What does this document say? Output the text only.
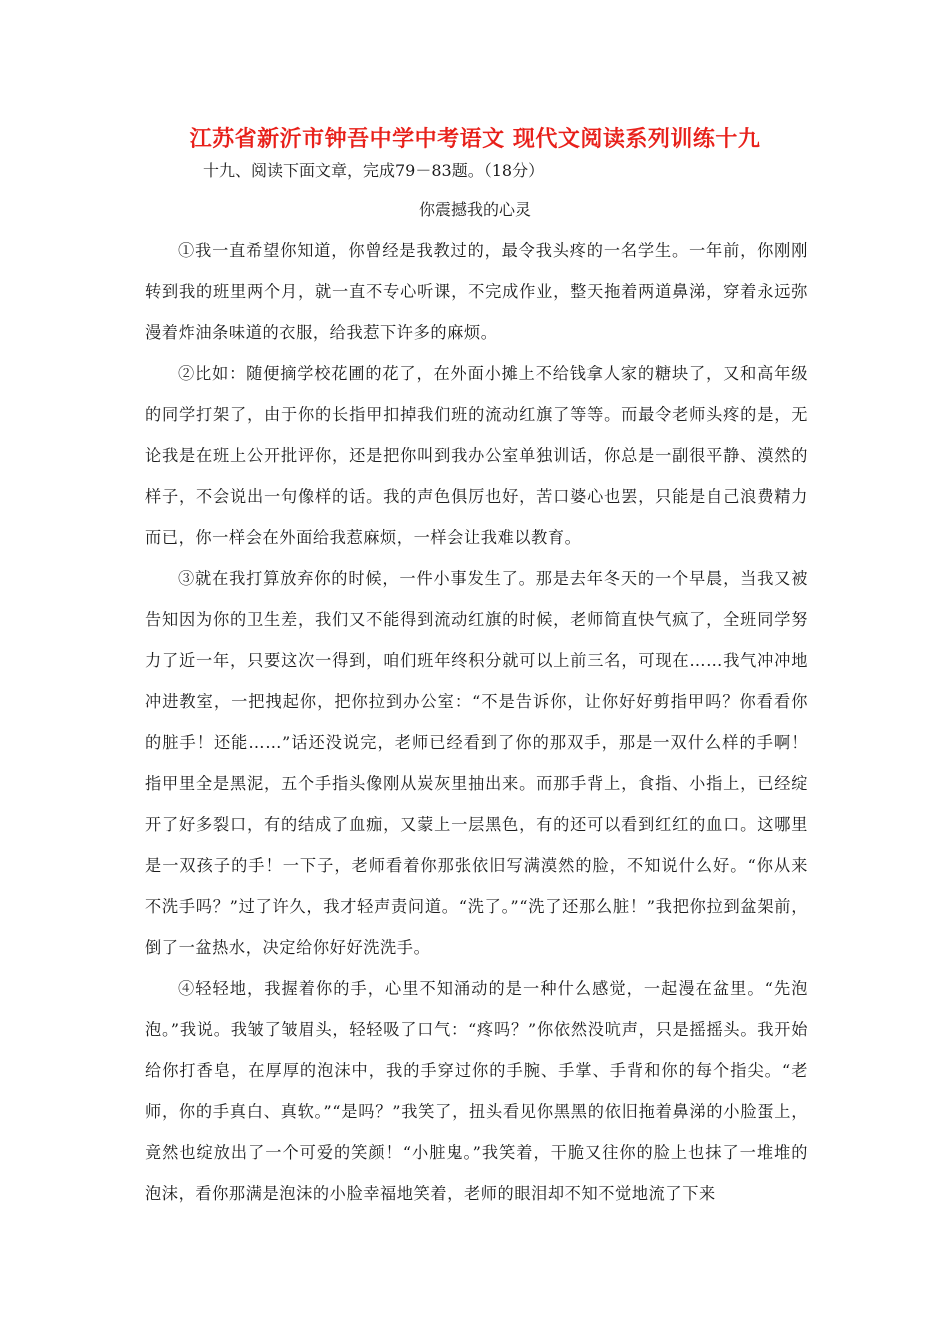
江苏省新沂市钟吾中学中考语文 现代文阅读系列训练十九
十九、阅读下面文章，完成79－83题。（18分）
你震撼我的心灵

①我一直希望你知道，你曾经是我教过的，最令我头疼的一名学生。一年前，你刚刚转到我的班里两个月，就一直不专心听课，不完成作业，整天拖着两道鼻涕，穿着永远弥漫着炸油条味道的衣服，给我惹下许多的麻烦。

②比如：随便摘学校花圃的花了，在外面小摊上不给钱拿人家的糖块了，又和高年级的同学打架了，由于你的长指甲扣掉我们班的流动红旗了等等。而最令老师头疼的是，无论我是在班上公开批评你，还是把你叫到我办公室单独训话，你总是一副很平静、漠然的样子，不会说出一句像样的话。我的声色俱厉也好，苦口婆心也罢，只能是自己浪费精力而已，你一样会在外面给我惹麻烦，一样会让我难以教育。

③就在我打算放弃你的时候，一件小事发生了。那是去年冬天的一个早晨，当我又被告知因为你的卫生差，我们又不能得到流动红旗的时候，老师简直快气疯了，全班同学努力了近一年，只要这次一得到，咱们班年终积分就可以上前三名，可现在……我气冲冲地冲进教室，一把拽起你，把你拉到办公室：“不是告诉你，让你好好剪指甲吗？你看看你的脏手！还能……”话还没说完，老师已经看到了你的那双手，那是一双什么样的手啊！指甲里全是黑泥，五个手指头像刚从炭灰里抽出来。而那手背上，食指、小指上，已经绽开了好多裂口，有的结成了血痂，又蒙上一层黑色，有的还可以看到红红的血口。这哪里是一双孩子的手！一下子，老师看着你那张依旧写满漠然的脸，不知说什么好。“你从来不洗手吗？”过了许久，我才轻声责问道。“洗了。”“洗了还那么脏！”我把你拉到盆架前，倒了一盆热水，决定给你好好洗洗手。

④轻轻地，我握着你的手，心里不知涌动的是一种什么感觉，一起漫在盆里。“先泡泡。”我说。我皱了皱眉头，轻轻吸了口气：“疼吗？”你依然没吭声，只是摇摇头。我开始给你打香皂，在厚厚的泡沫中，我的手穿过你的手腕、手掌、手背和你的每个指尖。“老师，你的手真白、真软。”“是吗？”我笑了，扭头看见你黑黑的依旧拖着鼻涕的小脸蛋上，竟然也绽放出了一个可爱的笑颜！“小脏鬼。”我笑着，干脆又往你的脸上也抹了一堆堆的泡沫，看你那满是泡沫的小脸幸福地笑着，老师的眼泪却不知不觉地流了下来
